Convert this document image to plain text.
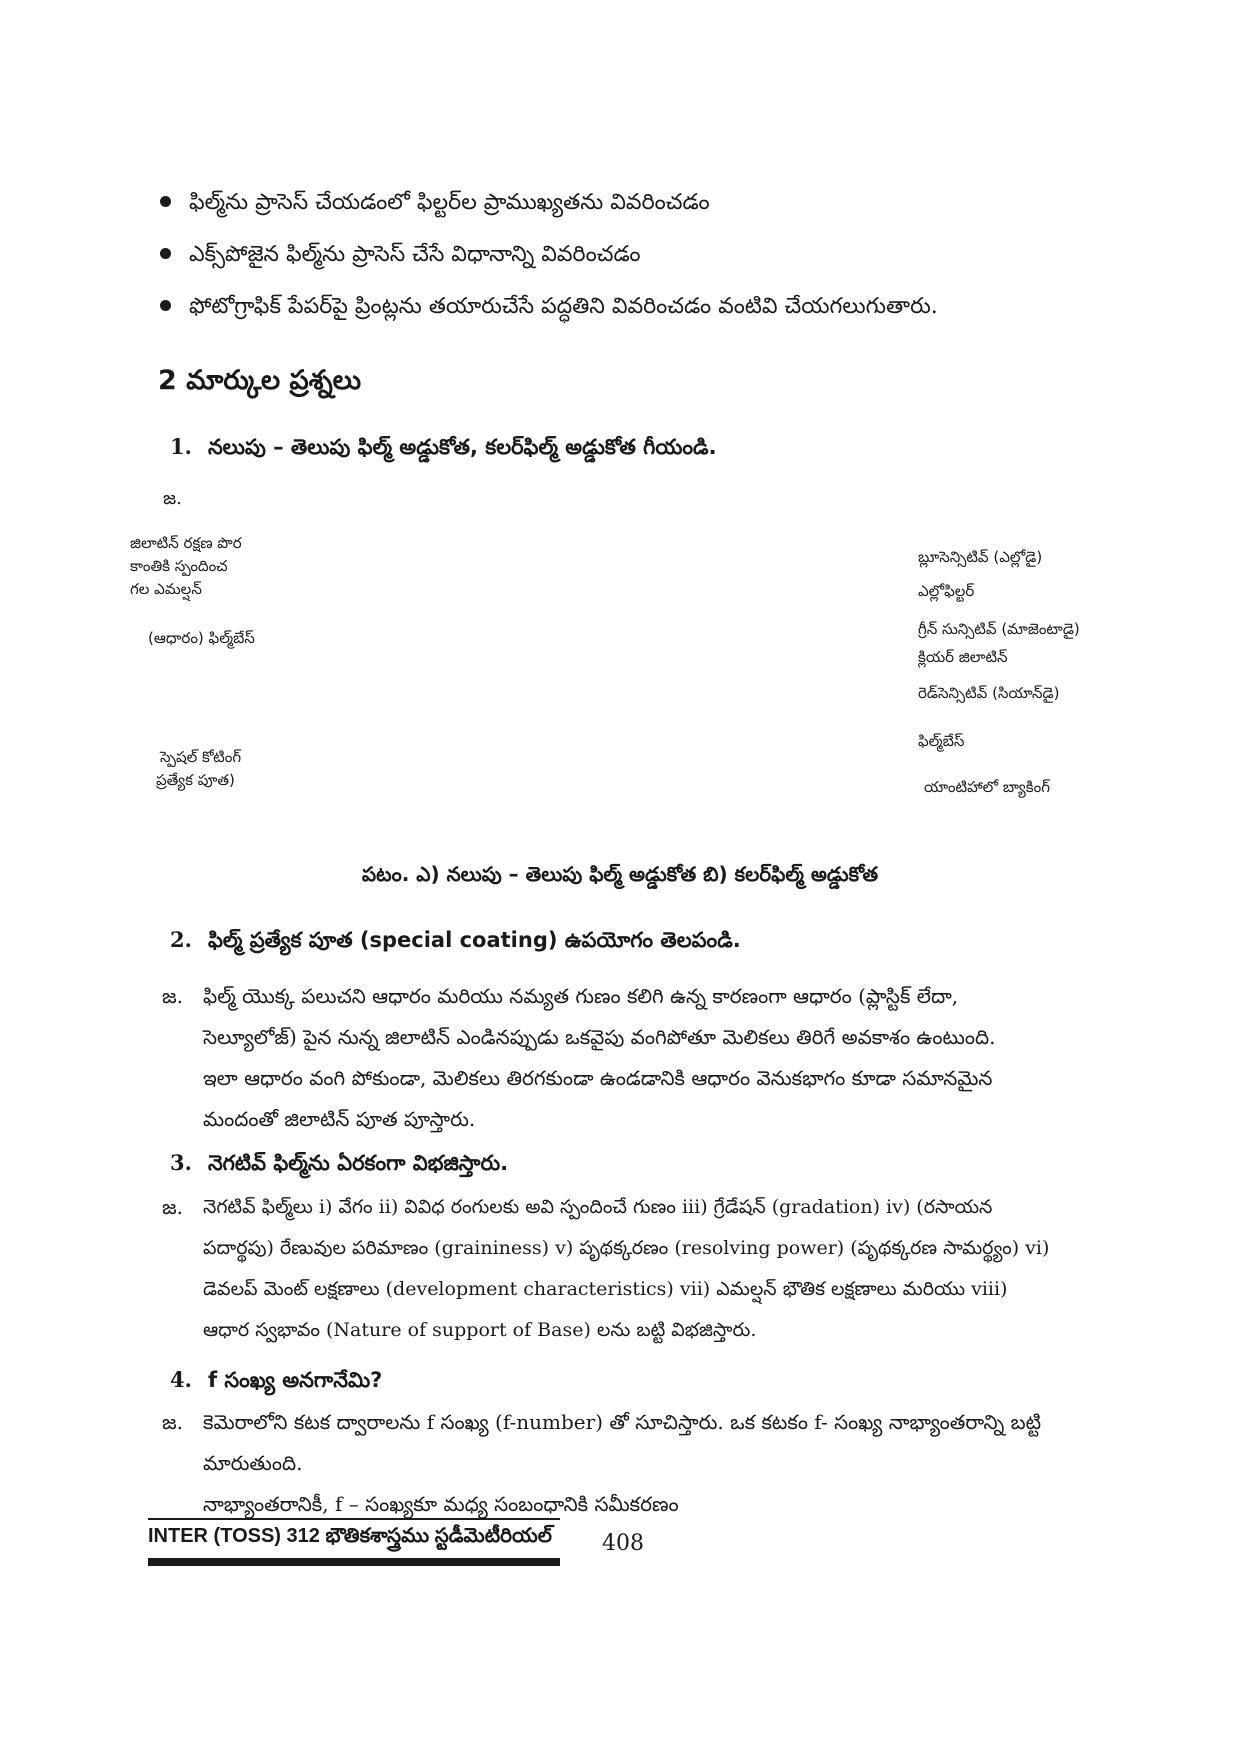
ఫిల్మ్‌ను ప్రాసెస్ చేయడంలో ఫిల్టర్‌ల ప్రాముఖ్యతను వివరించడం
ఎక్స్‌పోజైన ఫిల్మ్‌ను ప్రాసెస్ చేసే విధానాన్ని వివరించడం
ఫోటోగ్రాఫిక్ పేపర్‌పై ప్రింట్లను తయారుచేసే పద్ధతిని వివరించడం వంటివి చేయగలుగుతారు.
2 మార్కుల ప్రశ్నలు
1. నలుపు – తెలుపు ఫిల్మ్ అడ్డుకోత, కలర్‌ఫిల్మ్ అడ్డుకోత గీయండి.
జ.
జిలాటిన్ రక్షణ పొర
కాంతికి స్పందించ
గల ఎమల్షన్
(ఆధారం) ఫిల్మ్‌బేస్
స్పెషల్ కోటింగ్
ప్రత్యేక పూత)
బ్లూసెన్సిటివ్ (ఎల్లోడై)
ఎల్లోఫిల్టర్
గ్రీన్ సున్సిటివ్ (మాజెంటాడై)
క్లియర్ జిలాటిన్
రెడ్‌సెన్సిటివ్ (సియాన్‌డై)
ఫిల్మ్‌బేస్
యాంటిహాలో బ్యాకింగ్
పటం. ఎ) నలుపు – తెలుపు ఫిల్మ్ అడ్డుకోత బి) కలర్‌ఫిల్మ్ అడ్డుకోత
2. ఫిల్మ్ ప్రత్యేక పూత (special coating) ఉపయోగం తెలపండి.
జ. ఫిల్మ్ యొక్క పలుచని ఆధారం మరియు నమ్యత గుణం కలిగి ఉన్న కారణంగా ఆధారం (ప్లాస్టిక్ లేదా,
సెల్యూలోజ్) పైన నున్న జిలాటిన్ ఎండినప్పుడు ఒకవైపు వంగిపోతూ మెలికలు తిరిగే అవకాశం ఉంటుంది.
ఇలా ఆధారం వంగి పోకుండా, మెలికలు తిరగకుండా ఉండడానికి ఆధారం వెనుకభాగం కూడా సమానమైన
మందంతో జిలాటిన్ పూత పూస్తారు.
3. నెగటివ్ ఫిల్మ్‌ను ఏరకంగా విభజిస్తారు.
జ. నెగటివ్ ఫిల్మ్‌లు i) వేగం ii) వివిధ రంగులకు అవి స్పందించే గుణం iii) గ్రేడేషన్ (gradation) iv) (రసాయన
పదార్థపు) రేణువుల పరిమాణం (graininess) v) పృథక్కరణం (resolving power) (పృథక్కరణ సామర్థ్యం) vi)
డెవలప్ మెంట్ లక్షణాలు (development characteristics) vii) ఎమల్షన్ భౌతిక లక్షణాలు మరియు viii)
ఆధార స్వభావం (Nature of support of Base) లను బట్టి విభజిస్తారు.
4. f సంఖ్య అనగానేమి?
జ. కెమెరాలోని కటక ద్వారాలను f సంఖ్య (f-number) తో సూచిస్తారు. ఒక కటకం f- సంఖ్య నాభ్యాంతరాన్ని బట్టి
మారుతుంది.
నాభ్యాంతరానికీ, f – సంఖ్యకూ మధ్య సంబంధానికి సమీకరణం
INTER (TOSS) 312 భౌతికశాస్త్రము స్టడీమెటీరియల్ 408
